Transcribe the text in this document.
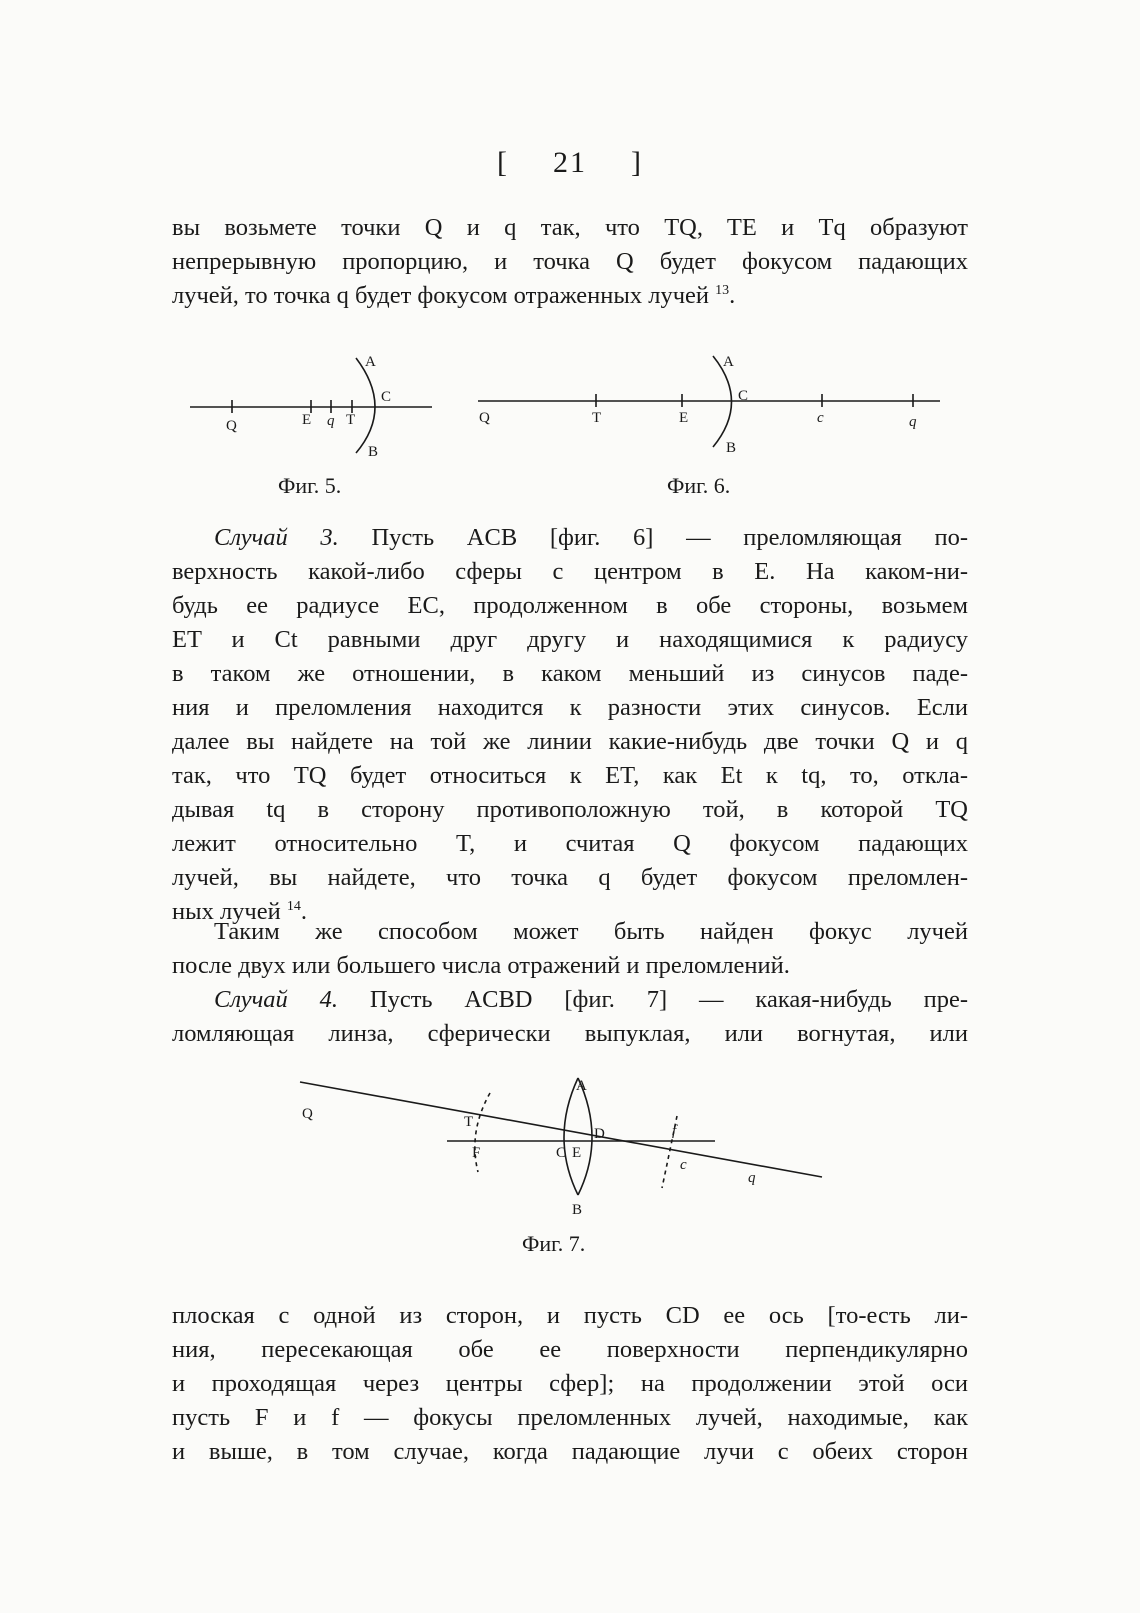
[ 21 ]

вы возьмете точки Q и q так, что TQ, TE и Tq образуют

непрерывную пропорцию, и точка Q будет фокусом падающих

лучей, то точка q будет фокусом отраженных лучей $^{13}$.

A
C
Q	E q T
B
A
C
Q	T	E	c	q
B
Фиг. 5.	Фиг. 6.

Случай 3. Пусть ACB [фиг. 6] — преломляющая по-

верхность какой-либо сферы с центром в E. На каком-ни-

будь ее радиусе EC, продолженном в обе стороны, возьмем

ET и Ct равными друг другу и находящимися к радиусу

в таком же отношении, в каком меньший из синусов паде-

ния и преломления находится к разности этих синусов. Если

далее вы найдете на той же линии какие-нибудь две точки Q и q

так, что TQ будет относиться к ET, как Et к tq, то, откла-

дывая tq в сторону противоположную той, в которой TQ

лежит относительно T, и считая Q фокусом падающих

лучей, вы найдете, что точка q будет фокусом преломлен-

ных лучей $^{14}$.

Таким же способом может быть найден фокус лучей

после двух или большего числа отражений и преломлений.

Случай 4. Пусть ACBD [фиг. 7] — какая-нибудь пре-

ломляющая линза, сферически выпуклая, или вогнутая, или

A
Q	T
D	f
F	C E
c
q
B
Фиг. 7.

плоская с одной из сторон, и пусть CD ее ось [то-есть ли-

ния, пересекающая обе ее поверхности перпендикулярно

и проходящая через центры сфер]; на продолжении этой оси

пусть F и f — фокусы преломленных лучей, находимые, как

и выше, в том случае, когда падающие лучи с обеих сторон
